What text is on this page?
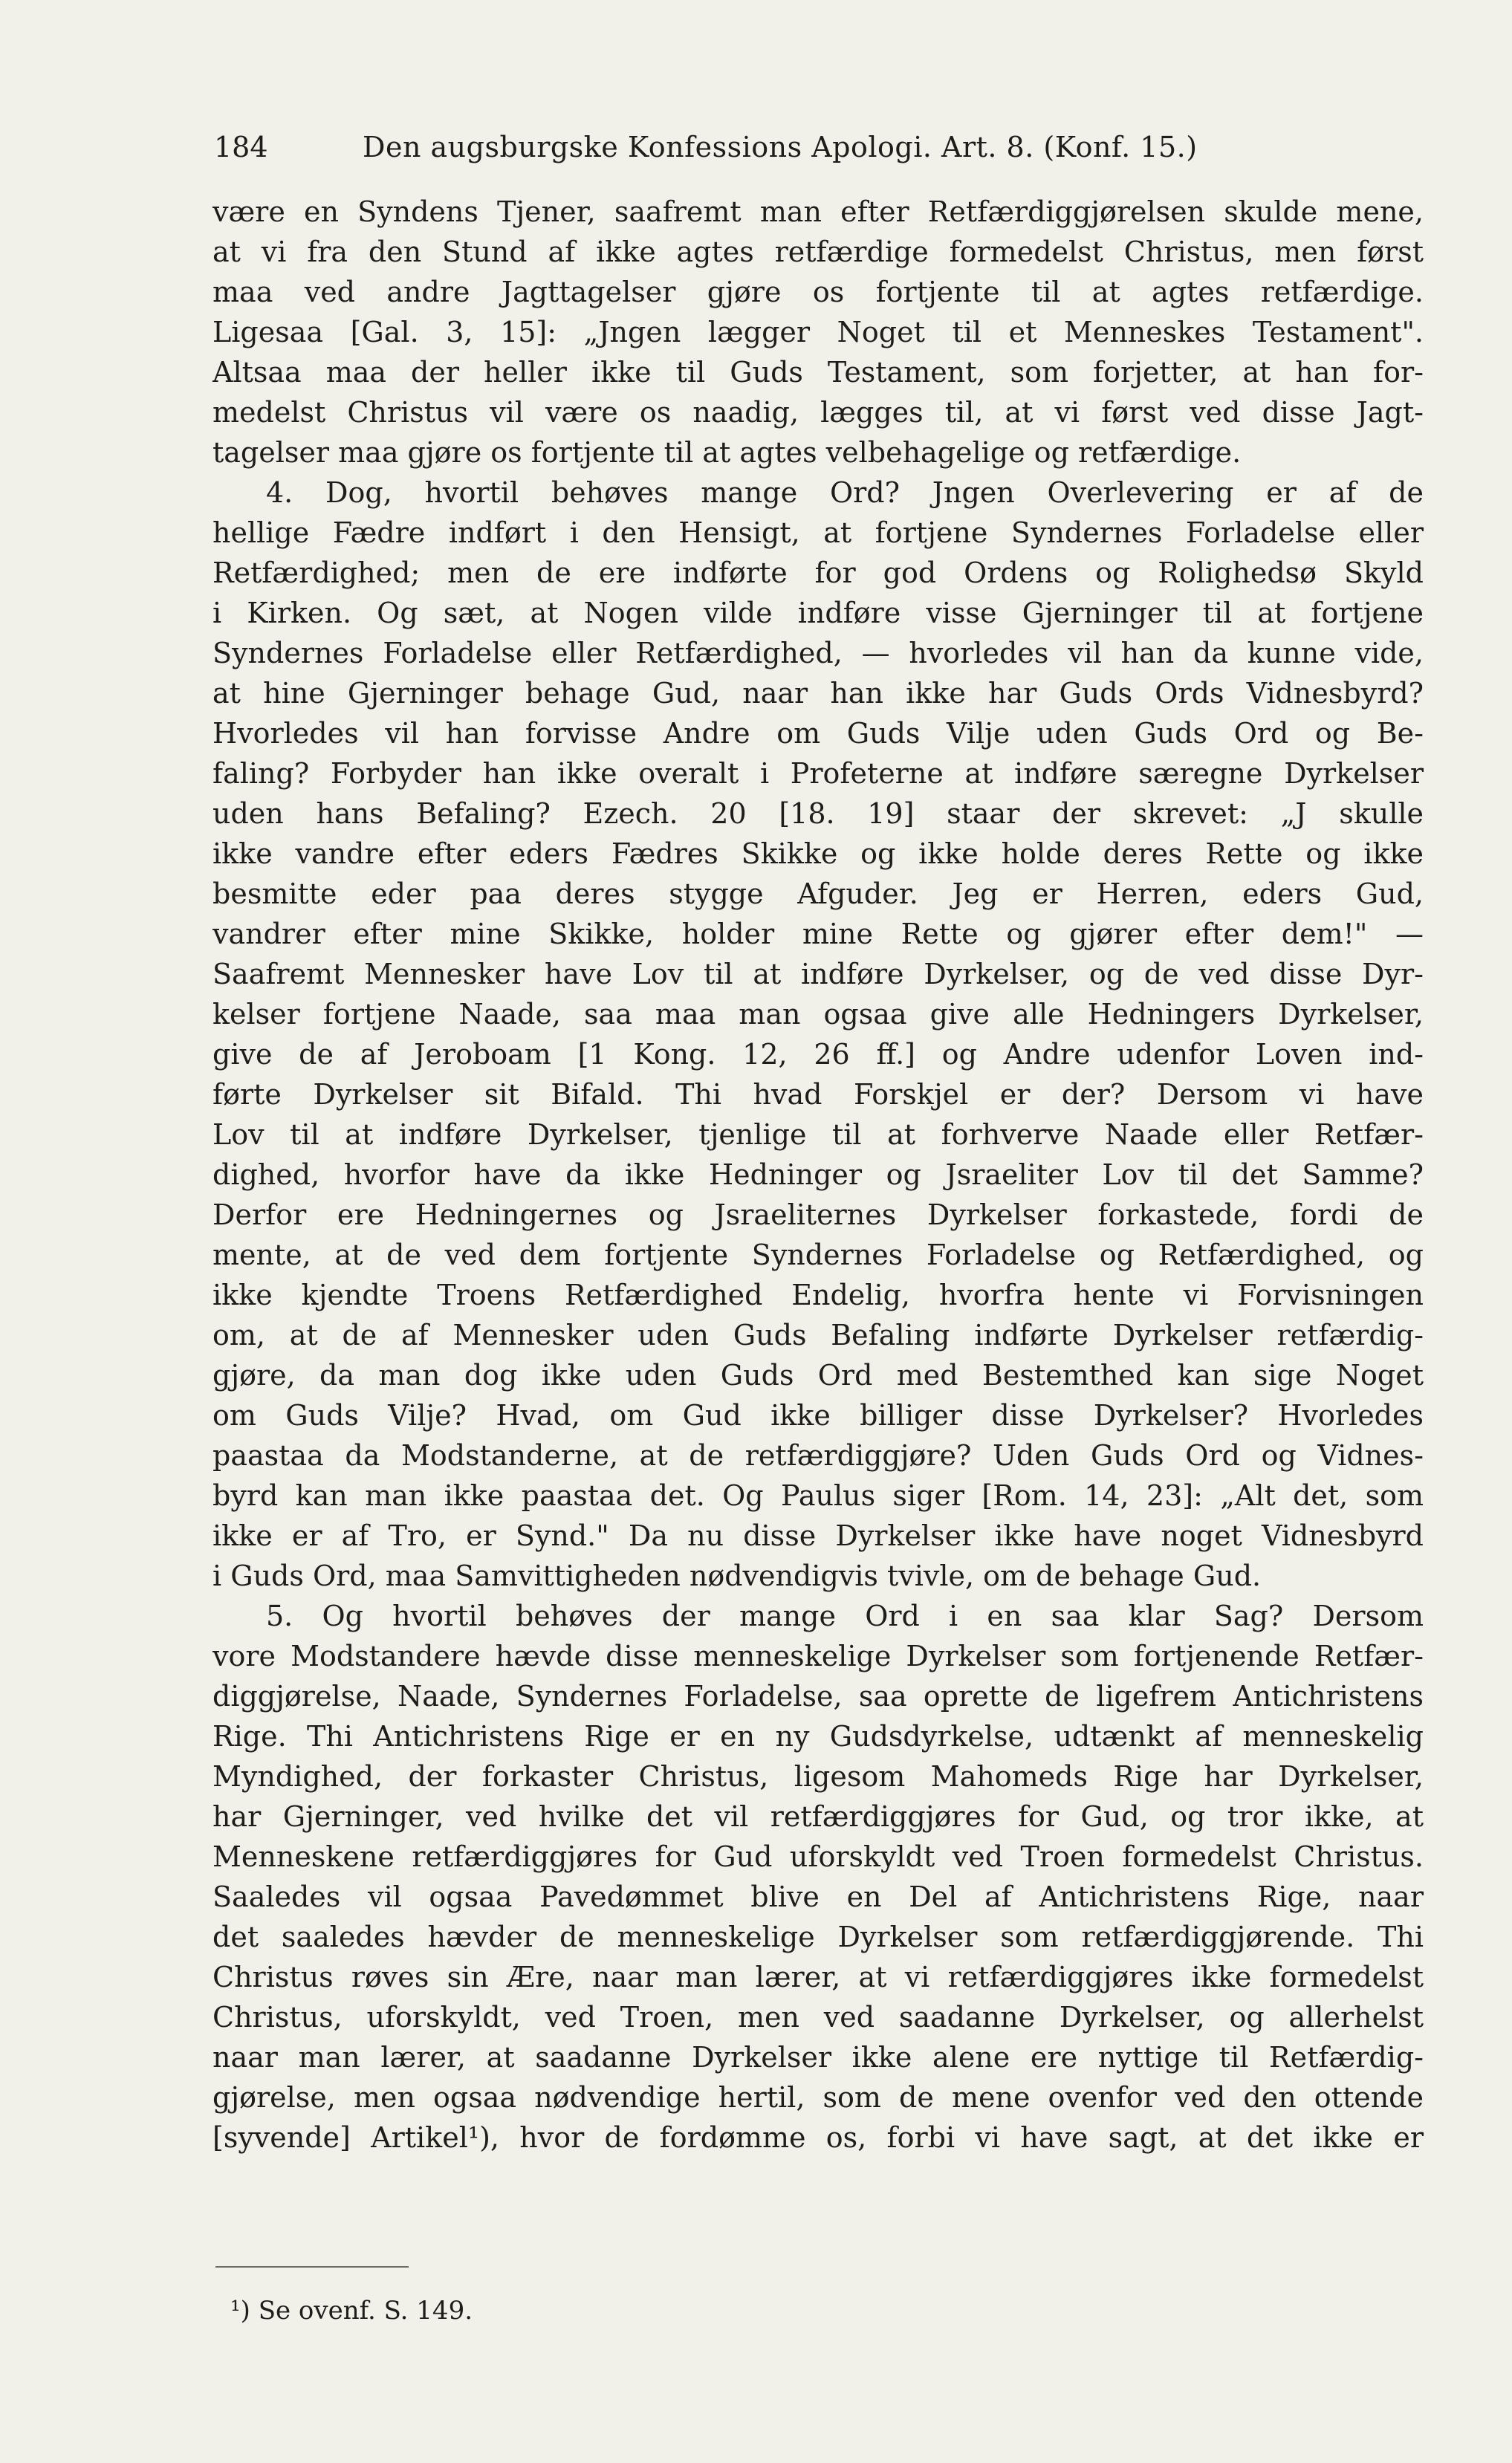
184	Den augsburgske Konfessions Apologi. Art. 8. (Konf. 15.)
være en Syndens Tjener, saafremt man efter Retfærdiggjørelsen skulde mene,
at vi fra den Stund af ikke agtes retfærdige formedelst Christus, men først
maa ved andre Jagttagelser gjøre os fortjente til at agtes retfærdige.
Ligesaa [Gal. 3, 15]: „Jngen lægger Noget til et Menneskes Testament".
Altsaa maa der heller ikke til Guds Testament, som forjetter, at han for-
medelst Christus vil være os naadig, lægges til, at vi først ved disse Jagt-
tagelser maa gjøre os fortjente til at agtes velbehagelige og retfærdige.
4. Dog, hvortil behøves mange Ord? Jngen Overlevering er af de
hellige Fædre indført i den Hensigt, at fortjene Syndernes Forladelse eller
Retfærdighed; men de ere indførte for god Ordens og Rolighedsø Skyld
i Kirken. Og sæt, at Nogen vilde indføre visse Gjerninger til at fortjene
Syndernes Forladelse eller Retfærdighed, — hvorledes vil han da kunne vide,
at hine Gjerninger behage Gud, naar han ikke har Guds Ords Vidnesbyrd?
Hvorledes vil han forvisse Andre om Guds Vilje uden Guds Ord og Be-
faling? Forbyder han ikke overalt i Profeterne at indføre særegne Dyrkelser
uden hans Befaling? Ezech. 20 [18. 19] staar der skrevet: „J skulle
ikke vandre efter eders Fædres Skikke og ikke holde deres Rette og ikke
besmitte eder paa deres styggе Afguder. Jeg er Herren, eders Gud,
vandrer efter mine Skikke, holder mine Rette og gjører efter dem!" —
Saafremt Mennesker have Lov til at indføre Dyrkelser, og de ved disse Dyr-
kelser fortjene Naade, saa maa man ogsaa give alle Hedningers Dyrkelser,
give de af Jeroboam [1 Kong. 12, 26 ff.] og Andre udenfor Loven ind-
førte Dyrkelser sit Bifald. Thi hvad Forskjel er der? Dersom vi have
Lov til at indføre Dyrkelser, tjenlige til at forhverve Naade eller Retfær-
dighed, hvorfor have da ikke Hedninger og Jsraeliter Lov til det Samme?
Derfor ere Hedningernes og Jsraeliternes Dyrkelser forkastede, fordi de
mente, at de ved dem fortjente Syndernes Forladelse og Retfærdighed, og
ikke kjendte Troens Retfærdighed Endelig, hvorfra hente vi Forvisningen
om, at de af Mennesker uden Guds Befaling indførte Dyrkelser retfærdig-
gjøre, da man dog ikke uden Guds Ord med Bestemthed kan sige Noget
om Guds Vilje? Hvad, om Gud ikke billiger disse Dyrkelser? Hvorledes
paastaa da Modstanderne, at de retfærdiggjøre? Uden Guds Ord og Vidnes-
byrd kan man ikke paastaa det. Og Paulus siger [Rom. 14, 23]: „Alt det, som
ikke er af Tro, er Synd." Da nu disse Dyrkelser ikke have noget Vidnesbyrd
i Guds Ord, maa Samvittigheden nødvendigvis tvivle, om de behage Gud.
5. Og hvortil behøves der mange Ord i en saa klar Sag? Dersom
vore Modstandere hævde disse menneskelige Dyrkelser som fortjenende Retfær-
diggjørelse, Naade, Syndernes Forladelse, saa oprette de ligefrem Antichristens
Rige. Thi Antichristens Rige er en ny Gudsdyrkelse, udtænkt af menneskelig
Myndighed, der forkaster Christus, ligesom Mahomeds Rige har Dyrkelser,
har Gjerninger, ved hvilke det vil retfærdiggjøres for Gud, og tror ikke, at
Menneskene retfærdiggjøres for Gud uforskyldt ved Troen formedelst Christus.
Saaledes vil ogsaa Pavedømmet blive en Del af Antichristens Rige, naar
det saaledes hævder de menneskelige Dyrkelser som retfærdiggjørende. Thi
Christus røves sin Ære, naar man lærer, at vi retfærdiggjøres ikke formedelst
Christus, uforskyldt, ved Troen, men ved saadanne Dyrkelser, og allerhelst
naar man lærer, at saadanne Dyrkelser ikke alene ere nyttige til Retfærdig-
gjørelse, men ogsaa nødvendige hertil, som de mene ovenfor ved den ottende
[syvende] Artikel¹), hvor de fordømme os, forbi vi have sagt, at det ikke er
¹) Se ovenf. S. 149.
